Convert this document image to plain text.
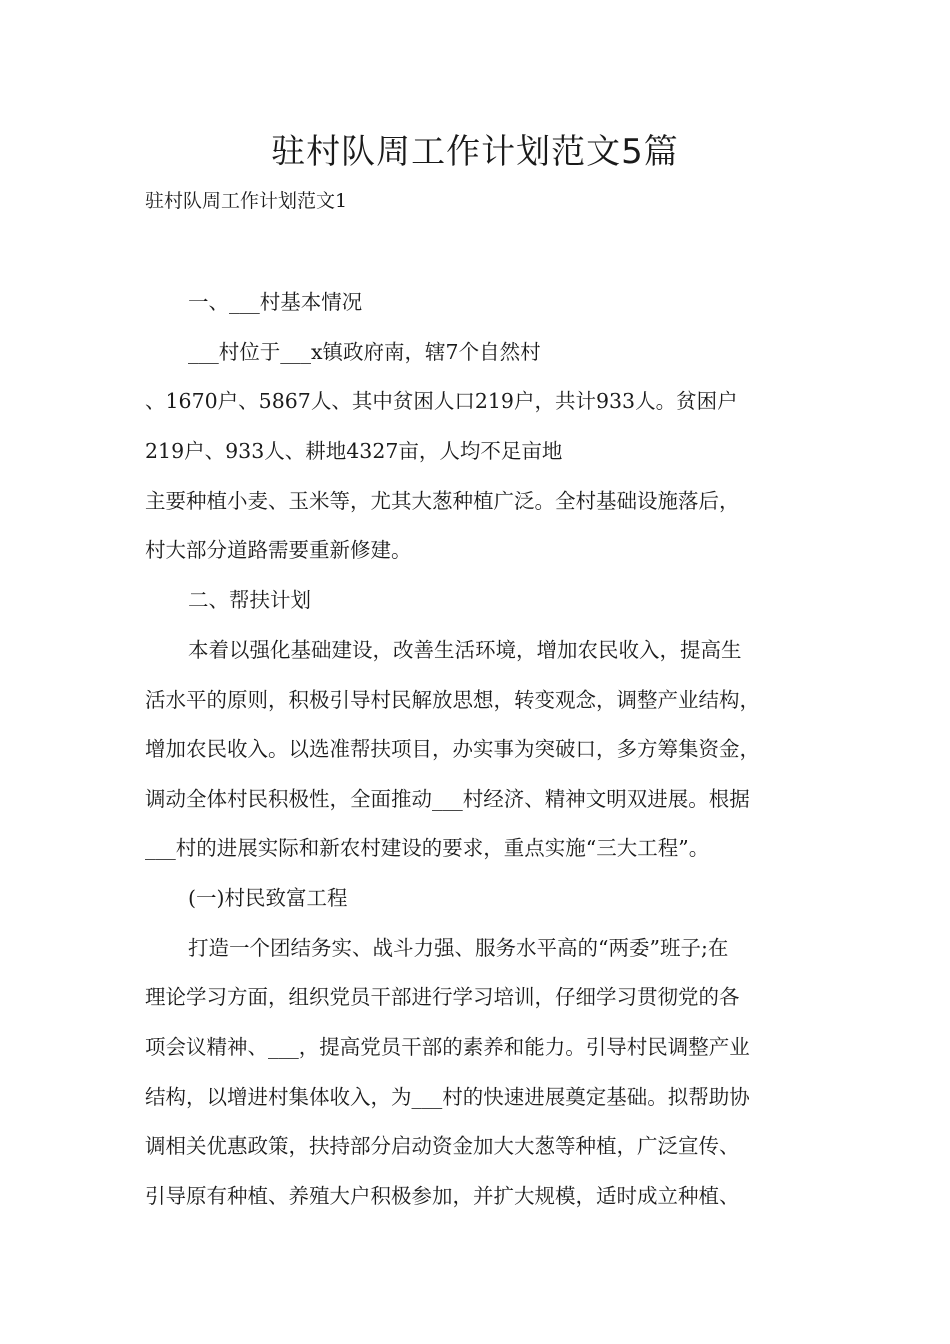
驻村队周工作计划范文5篇

驻村队周工作计划范文1

一、___村基本情况

___村位于___x镇政府南，辖7个自然村

、1670户、5867人、其中贫困人口219户，共计933人。贫困户

219户、933人、耕地4327亩，人均不足亩地

主要种植小麦、玉米等，尤其大葱种植广泛。全村基础设施落后，

村大部分道路需要重新修建。

二、帮扶计划

本着以强化基础建设，改善生活环境，增加农民收入，提高生

活水平的原则，积极引导村民解放思想，转变观念，调整产业结构，

增加农民收入。以选准帮扶项目，办实事为突破口，多方筹集资金，

调动全体村民积极性，全面推动___村经济、精神文明双进展。根据

___村的进展实际和新农村建设的要求，重点实施“三大工程”。

(一)村民致富工程

打造一个团结务实、战斗力强、服务水平高的“两委”班子;在

理论学习方面，组织党员干部进行学习培训，仔细学习贯彻党的各

项会议精神、___，提高党员干部的素养和能力。引导村民调整产业

结构，以增进村集体收入，为___村的快速进展奠定基础。拟帮助协

调相关优惠政策，扶持部分启动资金加大大葱等种植，广泛宣传、

引导原有种植、养殖大户积极参加，并扩大规模，适时成立种植、
